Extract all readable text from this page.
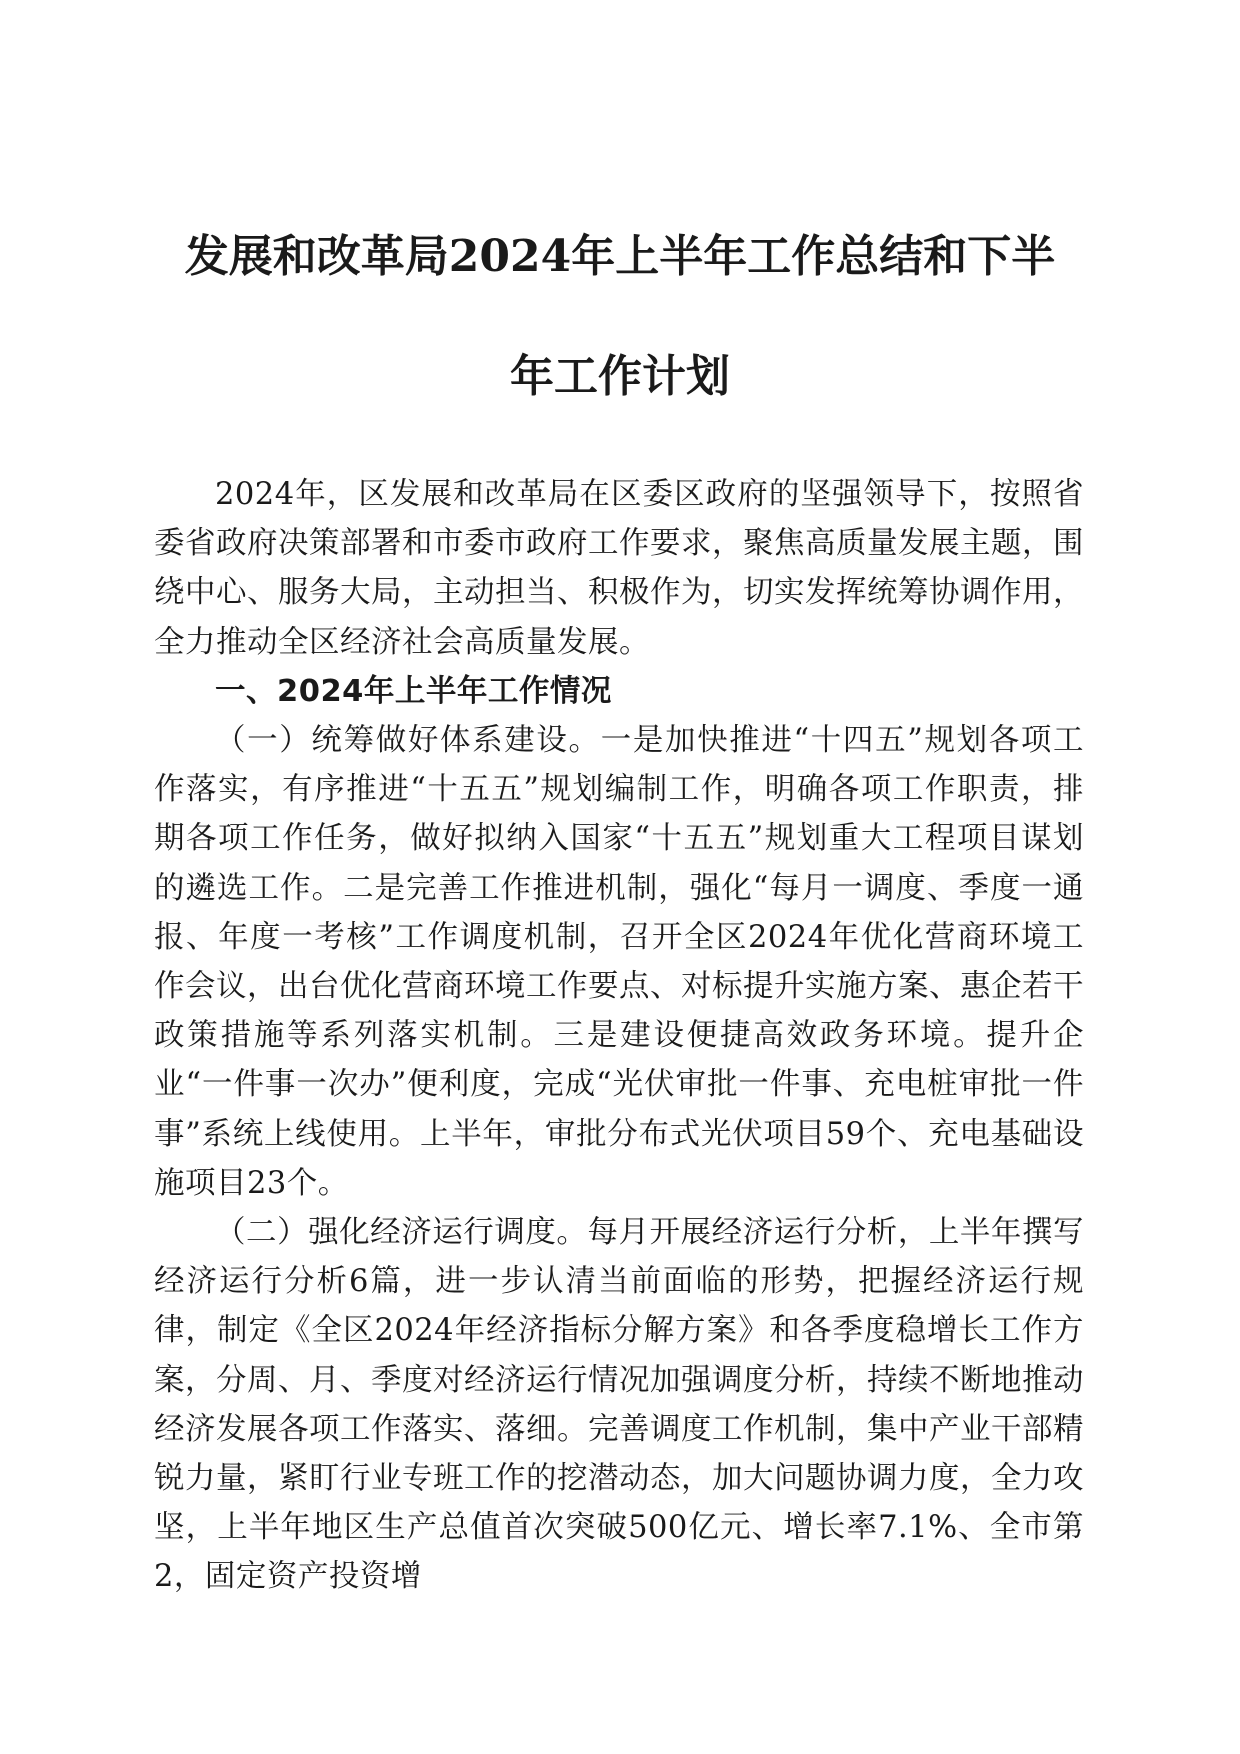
发展和改革局2024年上半年工作总结和下半
年工作计划

2024年，区发展和改革局在区委区政府的坚强领导下，按照省委省政府决策部署和市委市政府工作要求，聚焦高质量发展主题，围绕中心、服务大局，主动担当、积极作为，切实发挥统筹协调作用，全力推动全区经济社会高质量发展。

一、2024年上半年工作情况

（一）统筹做好体系建设。一是加快推进“十四五”规划各项工作落实，有序推进“十五五”规划编制工作，明确各项工作职责，排期各项工作任务，做好拟纳入国家“十五五”规划重大工程项目谋划的遴选工作。二是完善工作推进机制，强化“每月一调度、季度一通报、年度一考核”工作调度机制，召开全区2024年优化营商环境工作会议，出台优化营商环境工作要点、对标提升实施方案、惠企若干政策措施等系列落实机制。三是建设便捷高效政务环境。提升企业“一件事一次办”便利度，完成“光伏审批一件事、充电桩审批一件事”系统上线使用。上半年，审批分布式光伏项目59个、充电基础设施项目23个。

（二）强化经济运行调度。每月开展经济运行分析，上半年撰写经济运行分析6篇，进一步认清当前面临的形势，把握经济运行规律，制定《全区2024年经济指标分解方案》和各季度稳增长工作方案，分周、月、季度对经济运行情况加强调度分析，持续不断地推动经济发展各项工作落实、落细。完善调度工作机制，集中产业干部精锐力量，紧盯行业专班工作的挖潜动态，加大问题协调力度，全力攻坚，上半年地区生产总值首次突破500亿元、增长率7.1%、全市第2，固定资产投资增
